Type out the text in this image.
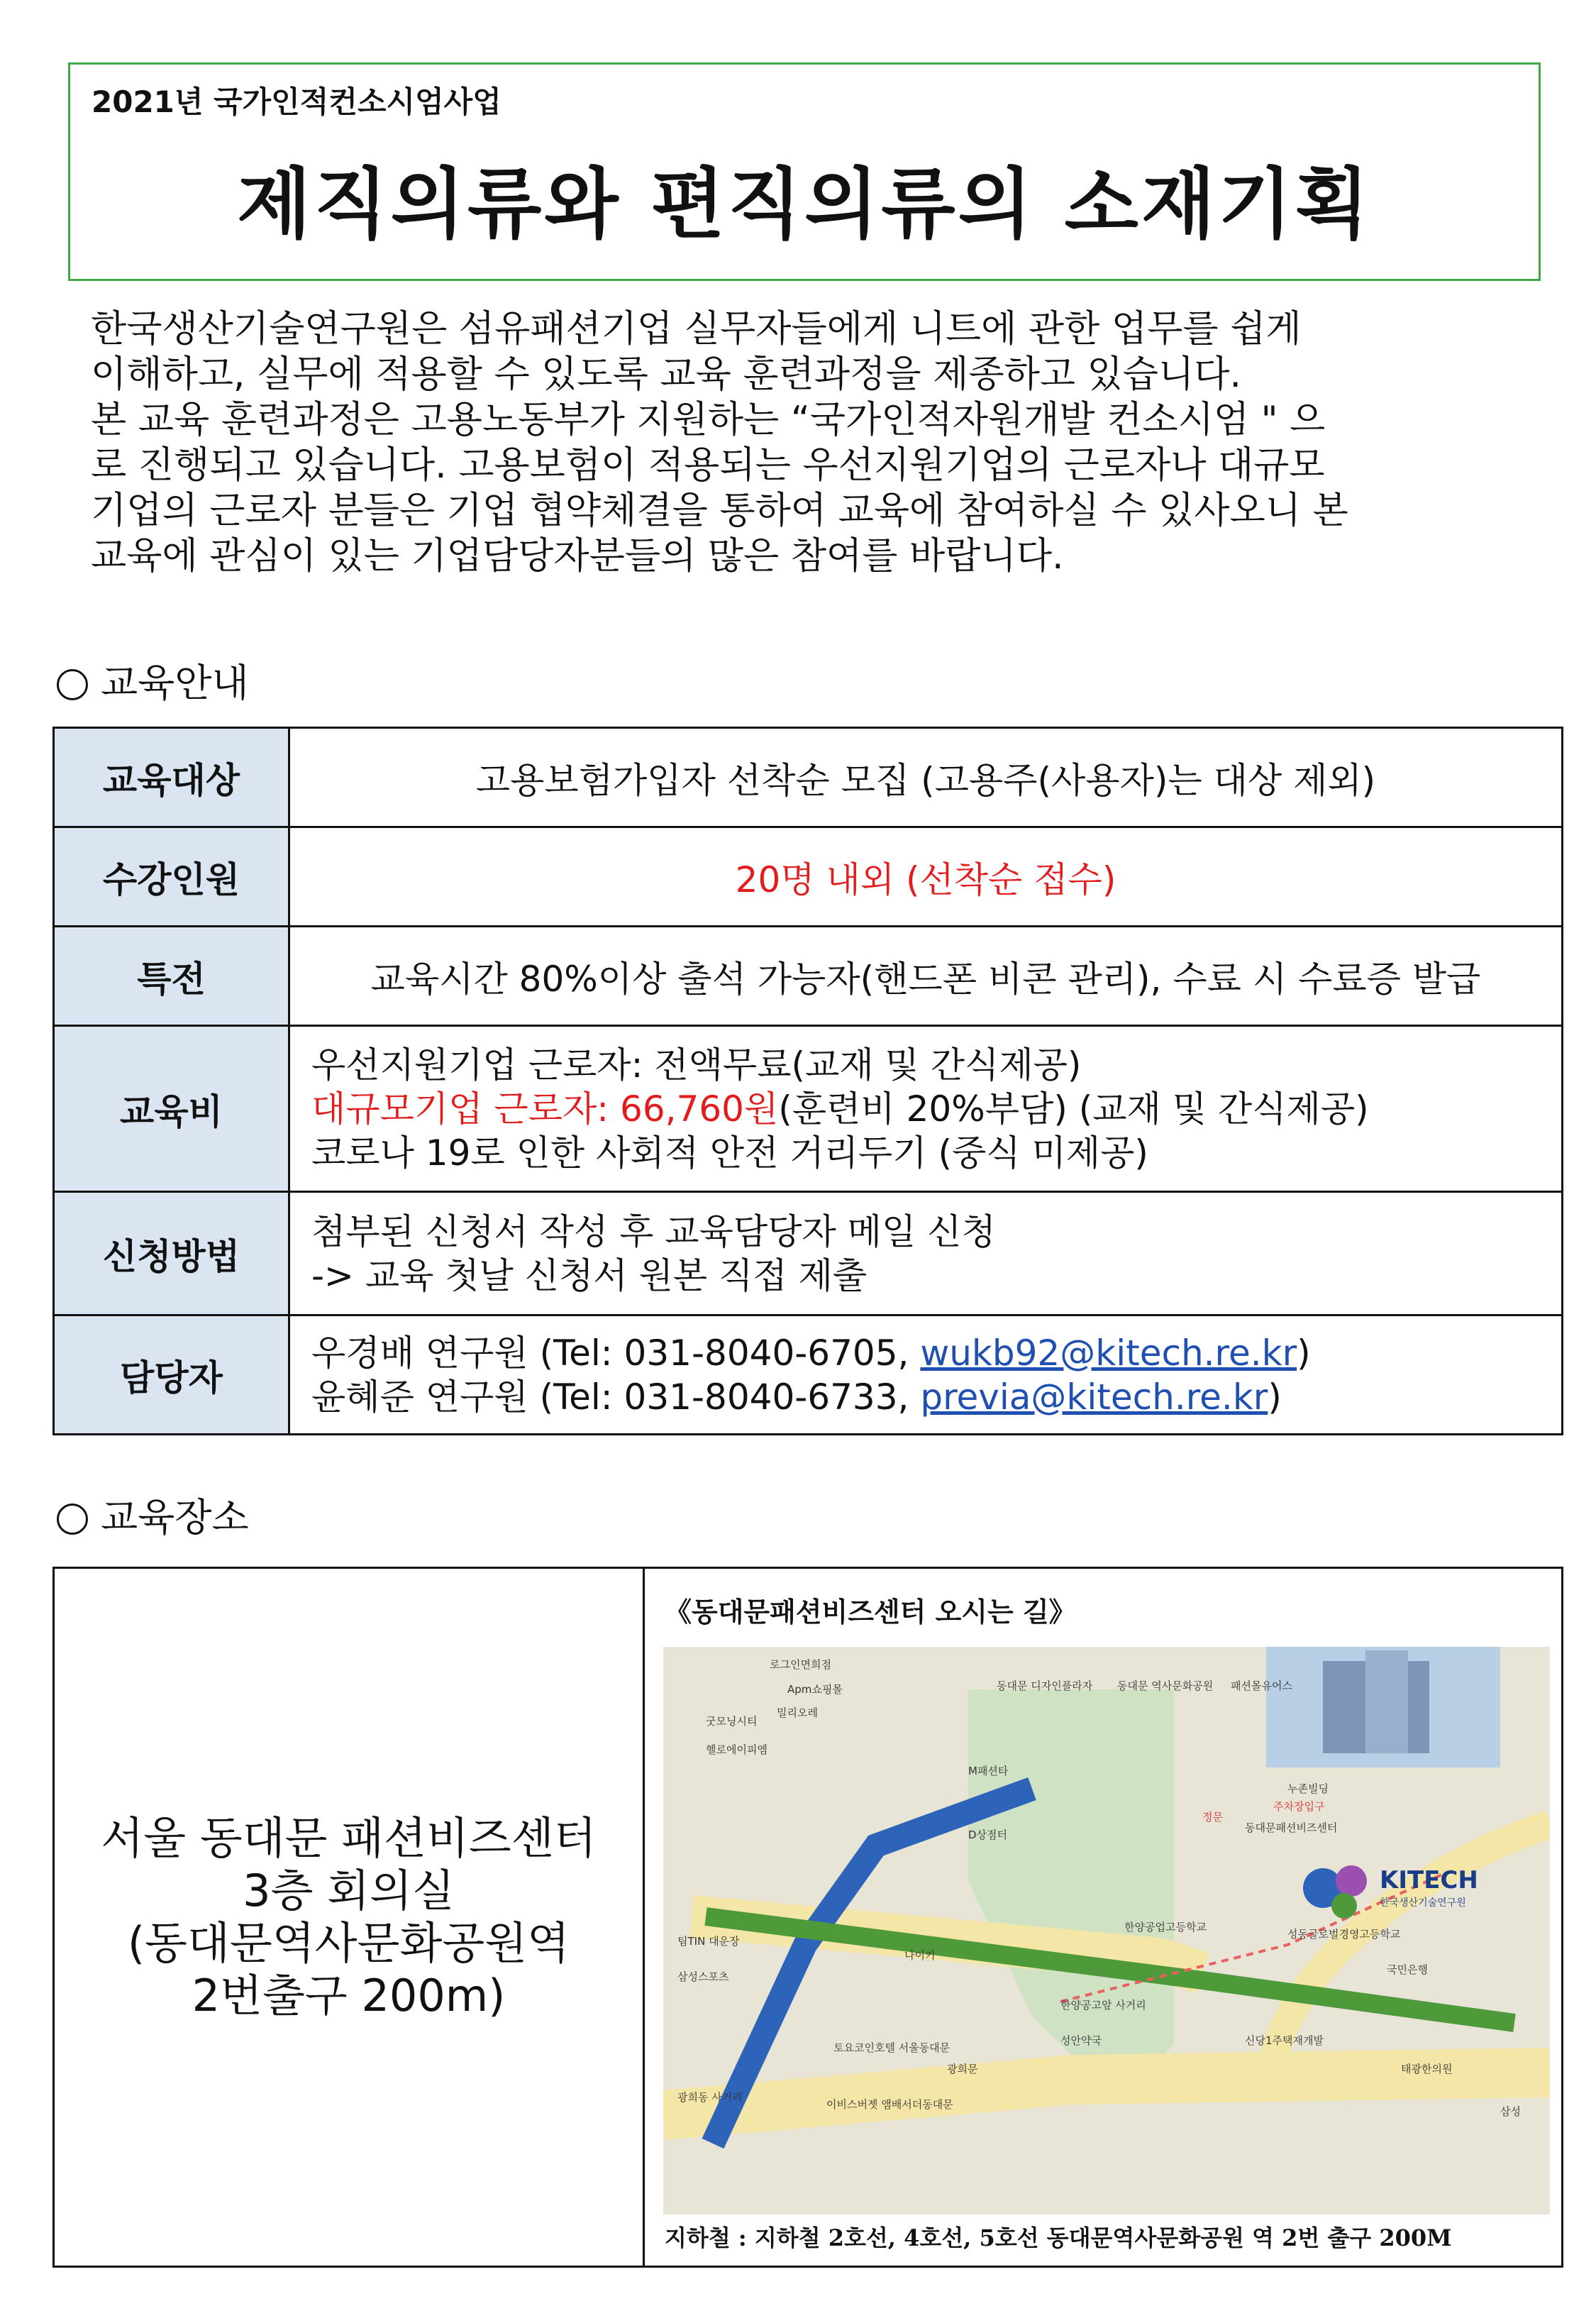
2021년 국가인적컨소시엄사업
제직의류와 편직의류의 소재기획

한국생산기술연구원은 섬유패션기업 실무자들에게 니트에 관한 업무를 쉽게

이해하고, 실무에 적용할 수 있도록 교육 훈련과정을 제종하고 있습니다.

본 교육 훈련과정은 고용노동부가 지원하는 “국가인적자원개발 컨소시엄 " 으

로 진행되고 있습니다. 고용보험이 적용되는 우선지원기업의 근로자나 대규모

기업의 근로자 분들은 기업 협약체결을 통하여 교육에 참여하실 수 있사오니 본

교육에 관심이 있는 기업담당자분들의 많은 참여를 바랍니다.

교육안내
교육대상	고용보험가입자 선착순 모집 (고용주(사용자)는 대상 제외)
수강인원	20명 내외 (선착순 접수)
특전	교육시간 80%이상 출석 가능자(핸드폰 비콘 관리), 수료 시 수료증 발급
교육비	우선지원기업 근로자: 전액무료(교재 및 간식제공)
대규모기업 근로자: 66,760원(훈련비 20%부담) (교재 및 간식제공)
코로나 19로 인한 사회적 안전 거리두기 (중식 미제공)

신청방법	첨부된 신청서 작성 후 교육담당자 메일 신청
-> 교육 첫날 신청서 원본 직접 제출

담당자	우경배 연구원 (Tel: 031-8040-6705, wukb92@kitech.re.kr)
윤혜준 연구원 (Tel: 031-8040-6733, previa@kitech.re.kr)
교육장소
서울 동대문 패션비즈센터
3층 회의실
(동대문역사문화공원역
2번출구 200m)
《동대문패션비즈센터 오시는 길》
KITECH
한국생산기술연구원
로그인면희점
Apm쇼핑몰
굿모닝시티
헬로에이피엠
밀리오레
동대문 디자인플라자 동대문 역사문화공원 패션몰유어스
M패션타
D상점터
누존빌딩
주차장입구
정문
동대문패션비즈센터
한양공업고등학교
성동글로벌경영고등학교
국민은행
팀TIN 대운장
삼성스포츠
나이키
토요코인호텔 서울동대문
광희문
성안약국
이비스버젯 앰배서더동대문
태광한의원
광희동 사거리
한양공고앞 사거리
신당1주택재개발
삼성
지하철 : 지하철 2호선, 4호선, 5호선 동대문역사문화공원 역 2번 출구 200M
